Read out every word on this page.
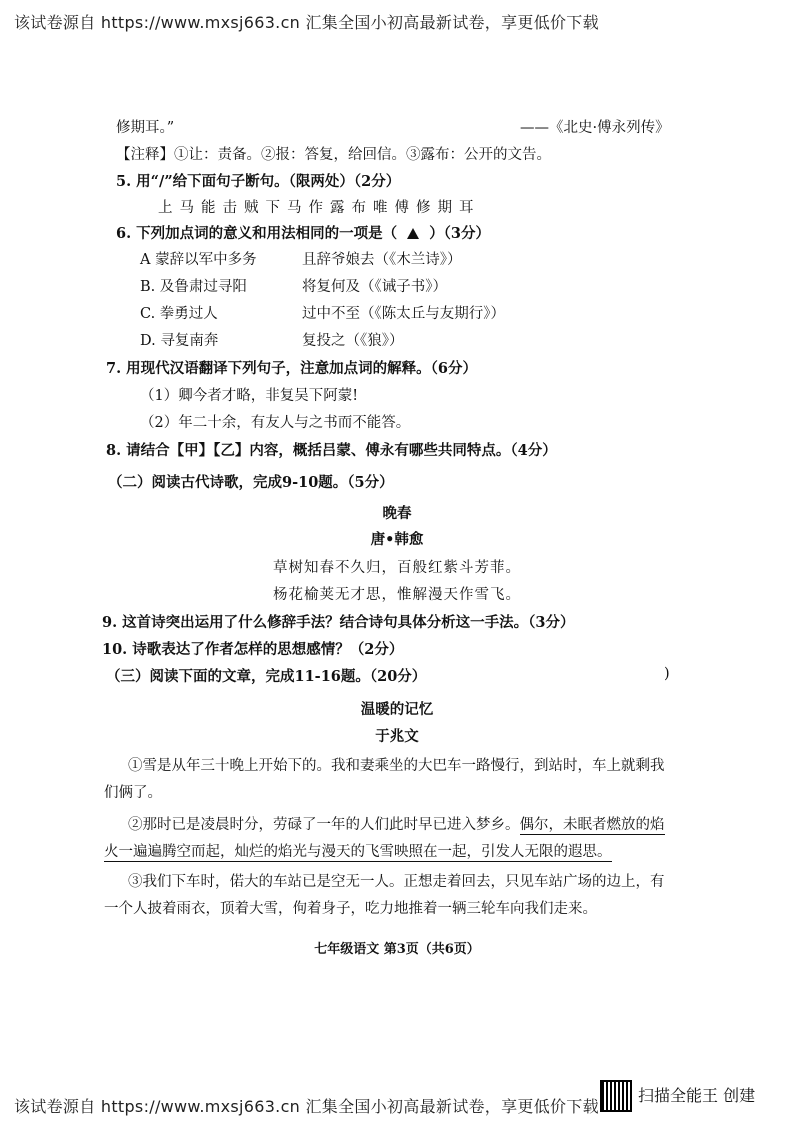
该试卷源自 https://www.mxsj663.cn 汇集全国小初高最新试卷，享更低价下载
修期耳。”	——《北史·傅永列传》
【注释】①让：责备。②报：答复，给回信。③露布：公开的文告。
5. 用“/”给下面句子断句。（限两处）（2分）
上马能击贼下马作露布唯傅修期耳
6. 下列加点词的意义和用法相同的一项是（ ）（3分）
A 蒙辞以军中多务	且辞爷娘去（《木兰诗》）
B. 及鲁肃过寻阳	将复何及（《诫子书》）
C. 拳勇过人	过中不至（《陈太丘与友期行》）
D. 寻复南奔	复投之（《狼》）
7. 用现代汉语翻译下列句子，注意加点词的解释。（6分）
（1）卿今者才略，非复吴下阿蒙!
（2）年二十余，有友人与之书而不能答。
8. 请结合【甲】【乙】内容，概括吕蒙、傅永有哪些共同特点。（4分）
（二）阅读古代诗歌，完成9-10题。（5分）
晚春
唐•韩愈
草树知春不久归，百般红紫斗芳菲。
杨花榆荚无才思，惟解漫天作雪飞。
9. 这首诗突出运用了什么修辞手法？结合诗句具体分析这一手法。（3分）
10. 诗歌表达了作者怎样的思想感情？（2分）
)
（三）阅读下面的文章，完成11-16题。（20分）
温暖的记忆
于兆文
①雪是从年三十晚上开始下的。我和妻乘坐的大巴车一路慢行，到站时，车上就剩我
们俩了。
②那时已是凌晨时分，劳碌了一年的人们此时早已进入梦乡。偶尔，未眠者燃放的焰
火一遍遍腾空而起，灿烂的焰光与漫天的飞雪映照在一起，引发人无限的遐思。
③我们下车时，偌大的车站已是空无一人。正想走着回去，只见车站广场的边上，有
一个人披着雨衣，顶着大雪，佝着身子，吃力地推着一辆三轮车向我们走来。
七年级语文 第3页（共6页）
该试卷源自 https://www.mxsj663.cn 汇集全国小初高最新试卷，享更低价下载
扫描全能王 创建
